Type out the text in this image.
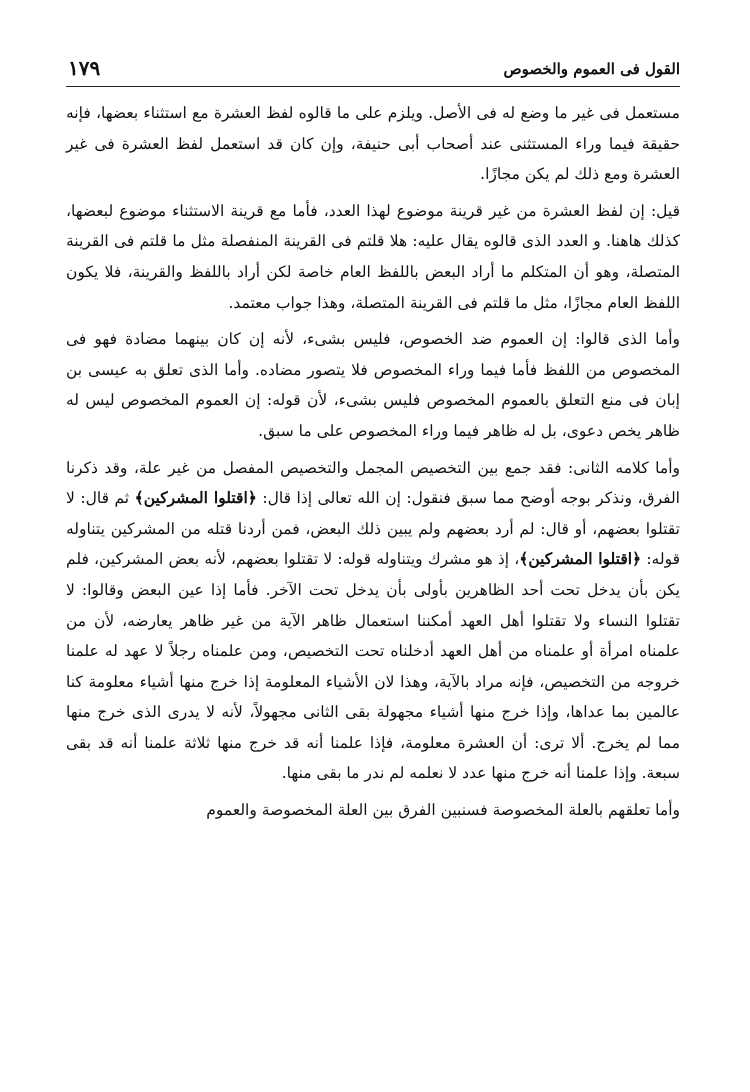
القول فى العموم والخصوص
١٧٩

مستعمل فى غير ما وضع له فى الأصل. ويلزم على ما قالوه لفظ العشرة مع استثناء بعضها، فإنه حقيقة فيما وراء المستثنى عند أصحاب أبى حنيفة، وإن كان قد استعمل لفظ العشرة فى غير العشرة ومع ذلك لم يكن مجازًا.

قيل: إن لفظ العشرة من غير قرينة موضوع لهذا العدد، فأما مع قرينة الاستثناء موضوع لبعضها، كذلك هاهنا. و العدد الذى قالوه يقال عليه: هلا قلتم فى القرينة المنفصلة مثل ما قلتم فى القرينة المتصلة، وهو أن المتكلم ما أراد البعض باللفظ العام خاصة لكن أراد باللفظ والقرينة، فلا يكون اللفظ العام مجازًا، مثل ما قلتم فى القرينة المتصلة، وهذا جواب معتمد.

وأما الذى قالوا: إن العموم ضد الخصوص، فليس بشىء، لأنه إن كان بينهما مضادة فهو فى المخصوص من اللفظ فأما فيما وراء المخصوص فلا يتصور مضاده. وأما الذى تعلق به عيسى بن إبان فى منع التعلق بالعموم المخصوص فليس بشىء، لأن قوله: إن العموم المخصوص ليس له ظاهر يخص دعوى، بل له ظاهر فيما وراء المخصوص على ما سبق.

وأما كلامه الثانى: فقد جمع بين التخصيص المجمل والتخصيص المفصل من غير علة، وقد ذكرنا الفرق، ونذكر بوجه أوضح مما سبق فنقول: إن الله تعالى إذا قال: ﴿اقتلوا المشركين﴾ ثم قال: لا تقتلوا بعضهم، أو قال: لم أرد بعضهم ولم يبين ذلك البعض، فمن أردنا قتله من المشركين يتناوله قوله: ﴿اقتلوا المشركين﴾، إذ هو مشرك ويتناوله قوله: لا تقتلوا بعضهم، لأنه بعض المشركين، فلم يكن بأن يدخل تحت أحد الظاهرين بأولى بأن يدخل تحت الآخر. فأما إذا عين البعض وقالوا: لا تقتلوا النساء ولا تقتلوا أهل العهد أمكننا استعمال ظاهر الآية من غير ظاهر يعارضه، لأن من علمناه امرأة أو علمناه من أهل العهد أدخلناه تحت التخصيص، ومن علمناه رجلاً لا عهد له علمنا خروجه من التخصيص، فإنه مراد بالآية، وهذا لان الأشياء المعلومة إذا خرج منها أشياء معلومة كنا عالمين بما عداها، وإذا خرج منها أشياء مجهولة بقى الثانى مجهولاً، لأنه لا يدرى الذى خرج منها مما لم يخرج. ألا ترى: أن العشرة معلومة، فإذا علمنا أنه قد خرج منها ثلاثة علمنا أنه قد بقى سبعة. وإذا علمنا أنه خرج منها عدد لا نعلمه لم ندر ما بقى منها.

وأما تعلقهم بالعلة المخصوصة فسنبين الفرق بين العلة المخصوصة والعموم
